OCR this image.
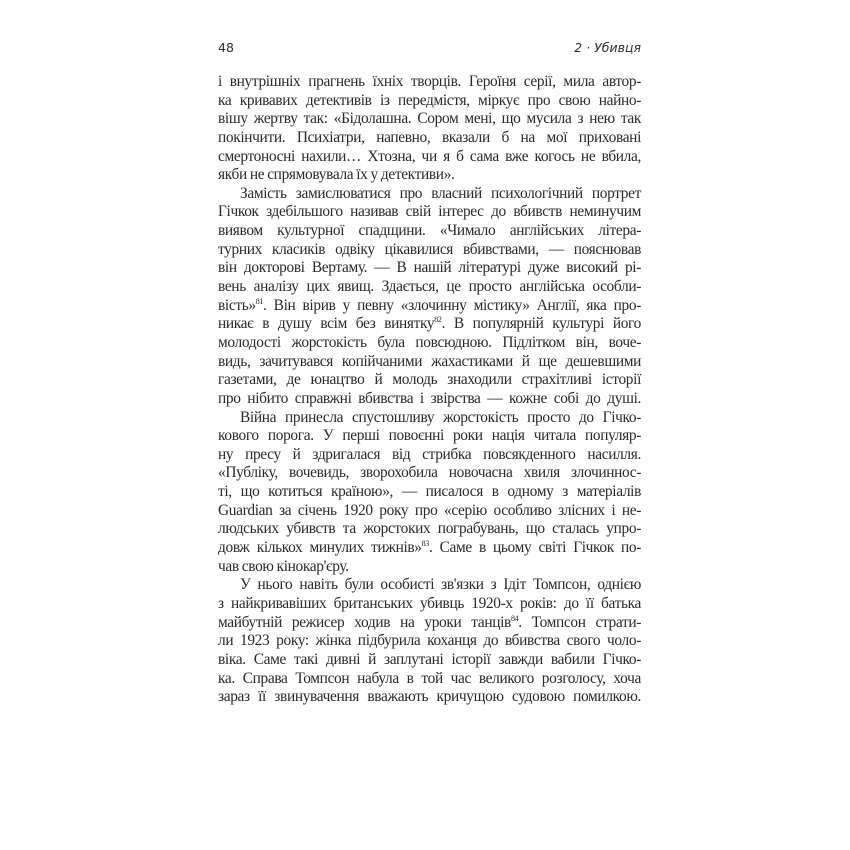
48	2 · Убивця
і внутрішніх прагнень їхніх творців. Героїня серії, мила автор-
ка кривавих детективів із передмістя, міркує про свою найно-
вішу жертву так: «Бідолашна. Сором мені, що мусила з нею так
покінчити. Психіатри, напевно, вказали б на мої приховані
смертоносні нахили… Хтозна, чи я б сама вже когось не вбила,
якби не спрямовувала їх у детективи».
Замість замислюватися про власний психологічний портрет
Гічкок здебільшого називав свій інтерес до вбивств неминучим
виявом культурної спадщини. «Чимало англійських літера-
турних класиків одвіку цікавилися вбивствами, — пояснював
він докторові Вертаму. — В нашій літературі дуже високий рі-
вень аналізу цих явищ. Здається, це просто англійська особли-
вість»$^{81}$. Він вірив у певну «злочинну містику» Англії, яка про-
никає в душу всім без винятку$^{82}$. В популярній культурі його
молодості жорстокість була повсюдною. Підлітком він, воче-
видь, зачитувався копійчаними жахастиками й ще дешевшими
газетами, де юнацтво й молодь знаходили страхітливі історії
про нібито справжні вбивства і звірства — кожне собі до душі.
Війна принесла спустошливу жорстокість просто до Гічко-
кового порога. У перші повоєнні роки нація читала популяр-
ну пресу й здригалася від стрибка повсякденного насилля.
«Публіку, вочевидь, зворохобила новочасна хвиля злочиннос-
ті, що котиться країною», — писалося в одному з матеріалів
Guardian за січень 1920 року про «серію особливо злісних і не-
людських убивств та жорстоких пограбувань, що сталась упро-
довж кількох минулих тижнів»$^{83}$. Саме в цьому світі Гічкок по-
чав свою кінокар'єру.
У нього навіть були особисті зв'язки з Ідіт Томпсон, однією
з найкривавіших британських убивць 1920-х років: до її батька
майбутній режисер ходив на уроки танців$^{84}$. Томпсон страти-
ли 1923 року: жінка підбурила коханця до вбивства свого чоло-
віка. Саме такі дивні й заплутані історії завжди вабили Гічко-
ка. Справа Томпсон набула в той час великого розголосу, хоча
зараз її звинувачення вважають кричущою судовою помилкою.
